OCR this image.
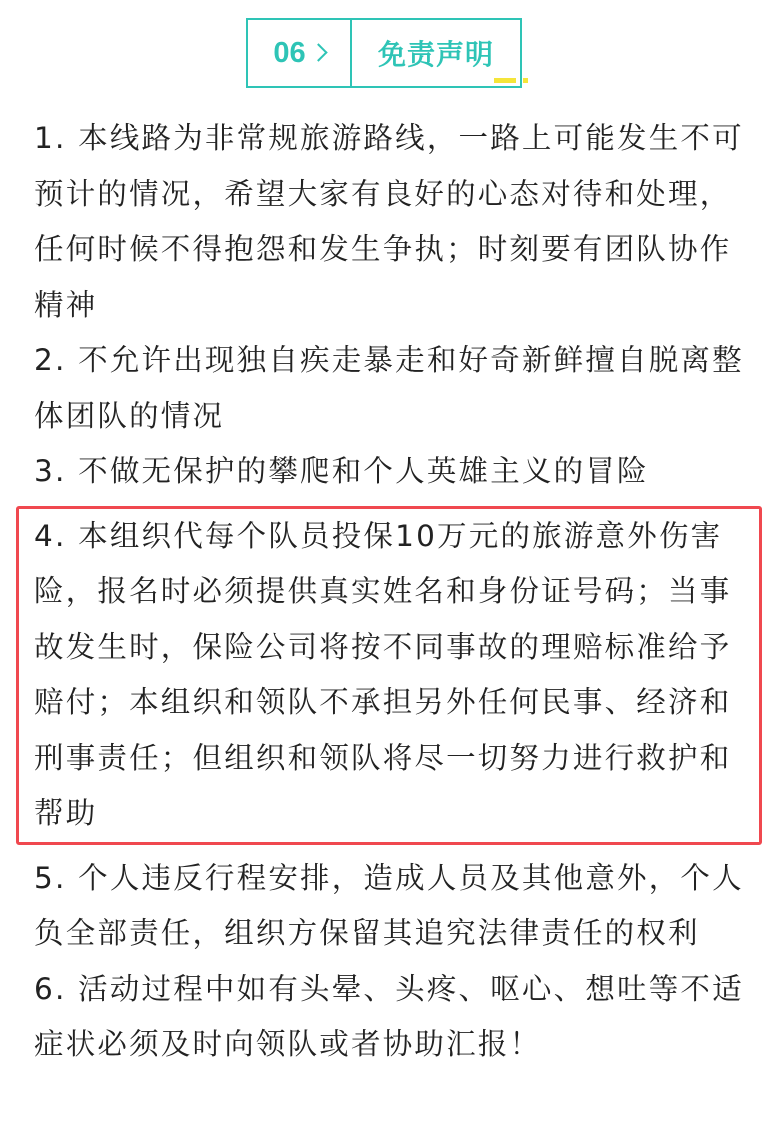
06	免责声明

1. 本线路为非常规旅游路线，一路上可能发生不可预计的情况，希望大家有良好的心态对待和处理，任何时候不得抱怨和发生争执；时刻要有团队协作精神

2. 不允许出现独自疾走暴走和好奇新鲜擅自脱离整体团队的情况

3. 不做无保护的攀爬和个人英雄主义的冒险

4. 本组织代每个队员投保10万元的旅游意外伤害险，报名时必须提供真实姓名和身份证号码；当事故发生时，保险公司将按不同事故的理赔标准给予赔付；本组织和领队不承担另外任何民事、经济和刑事责任；但组织和领队将尽一切努力进行救护和帮助

5. 个人违反行程安排，造成人员及其他意外，个人负全部责任，组织方保留其追究法律责任的权利

6. 活动过程中如有头晕、头疼、呕心、想吐等不适症状必须及时向领队或者协助汇报！
